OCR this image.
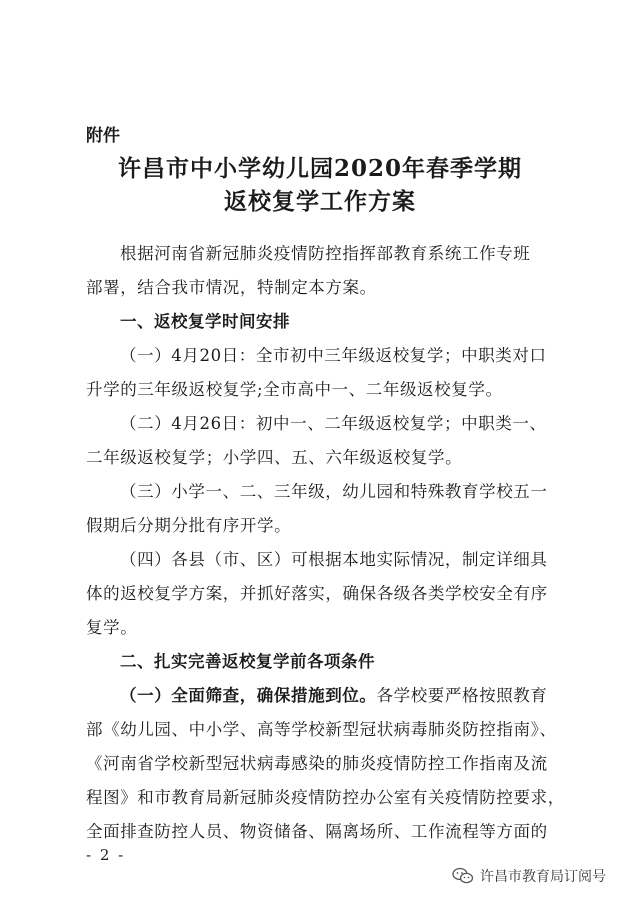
附件
许昌市中小学幼儿园2020年春季学期
返校复学工作方案
根据河南省新冠肺炎疫情防控指挥部教育系统工作专班
部署，结合我市情况，特制定本方案。
一、返校复学时间安排
（一）4月20日：全市初中三年级返校复学；中职类对口
升学的三年级返校复学;全市高中一、二年级返校复学。
（二）4月26日：初中一、二年级返校复学；中职类一、
二年级返校复学；小学四、五、六年级返校复学。
（三）小学一、二、三年级，幼儿园和特殊教育学校五一
假期后分期分批有序开学。
（四）各县（市、区）可根据本地实际情况，制定详细具
体的返校复学方案，并抓好落实，确保各级各类学校安全有序
复学。
二、扎实完善返校复学前各项条件
（一）全面筛查，确保措施到位。各学校要严格按照教育
部《幼儿园、中小学、高等学校新型冠状病毒肺炎防控指南》、
《河南省学校新型冠状病毒感染的肺炎疫情防控工作指南及流
程图》和市教育局新冠肺炎疫情防控办公室有关疫情防控要求，
全面排查防控人员、物资储备、隔离场所、工作流程等方面的
- 2 -
许昌市教育局订阅号
